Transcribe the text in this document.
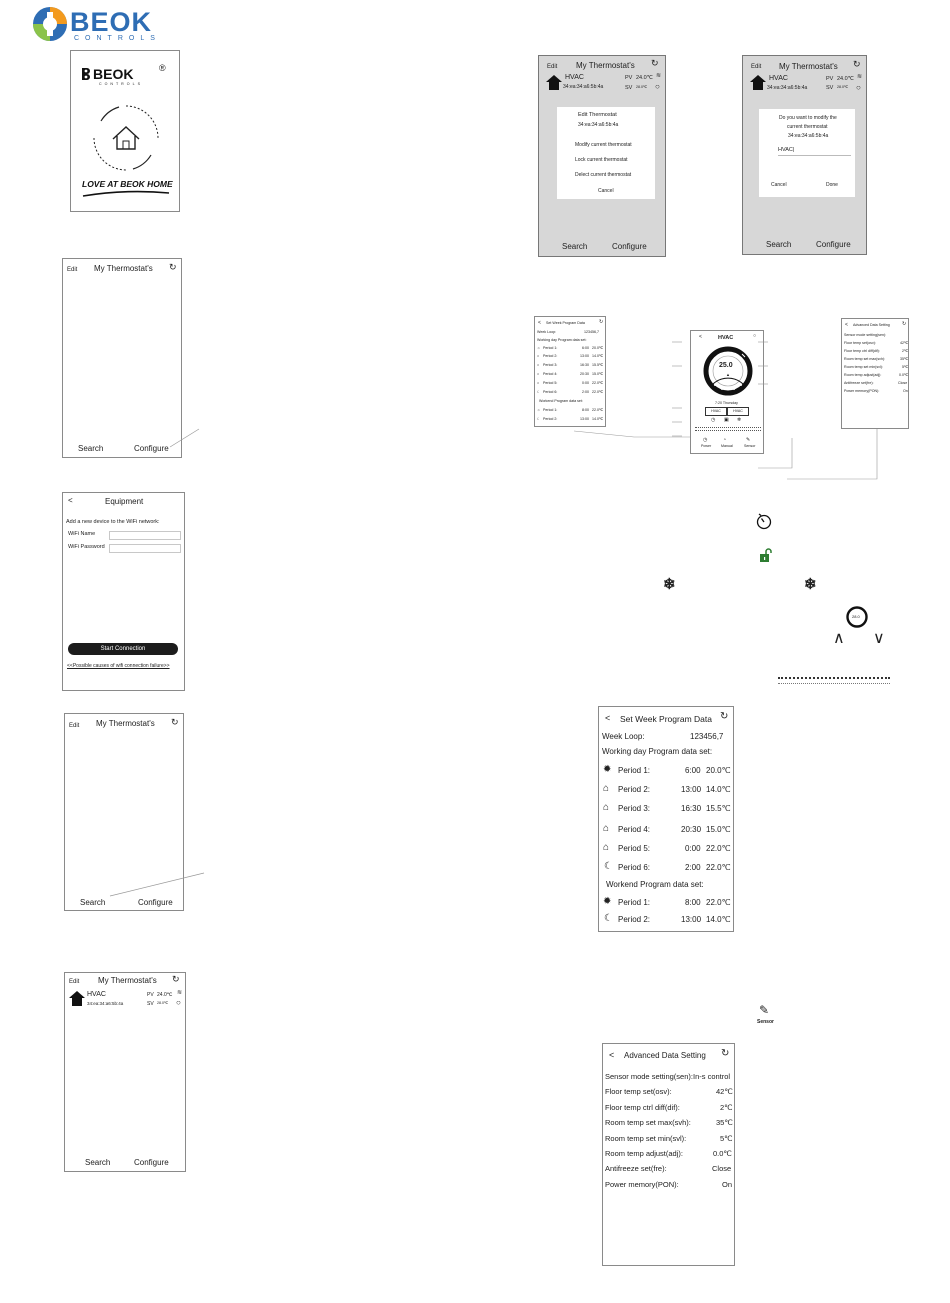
BEOK
CONTROLS
BEOK	®
CONTROLS
LOVE AT BEOK HOME
Edit My Thermostat's ↻
Search	Configure
<	Equipment
Add a new device to the WiFi network:
WiFi Name
WiFi Password
Start Connection
<<Possible causes of wifi connection failure>>
Edit My Thermostat's ↻
Search	Configure
Edit My Thermostat's ↻
HVAC
34:ea:34:a6:5b:4a
PV 24.0℃ ≋
SV 28.0℃ ○
Search	Configure
Edit My Thermostat's ↻
HVAC
34:ea:34:a6:5b:4a
PV 24.0℃ ≋
SV 28.0℃ ○
Edit Thermostat
34:ea:34:a6:5b:4a
Modify current thermostat
Lock current thermostat
Delect current thermostat
Cancel
Search	Configure
Edit My Thermostat's ↻
HVAC
34:ea:34:a6:5b:4a
PV 24.0℃ ≋
SV 28.0℃ ○
Do you want to modify the
current thermostat
34:ea:34:a6:5b:4a
HVAC|
Cancel	Done
Search	Configure
< Set Week Program Data	↻
Week Loop:	123456,7
Working day Program data set:
☼ Period 1:	6:00 20.0℃
⌂ Period 2:	13:00 14.0℃
⌂ Period 3:	16:30 15.5℃
⌂ Period 4:	20:30 15.0℃
⌂ Period 5:	0:00 22.0℃
☾ Period 6:	2:00 22.0℃
Workend Program data set:
☼ Period 1:	8:00 22.0℃
☾ Period 2:	13:00 14.0℃
<	HVAC	○
25.0
▲
7:20 Thursday
HVAC	HVAC
◷ ▣ ❄
Power	Manual	Sensor
◷	◔	✎
< Advanced Data Setting ↻
Sensor mode setting(sen):
Floor temp set(osv):	42℃
Floor temp ctrl diff(dif):	2℃
Room temp set max(svh):	35℃
Room temp set min(svl):	5℃
Room temp adjust(adj):	0.0℃
Antifreeze set(fre):	Close
Power memory(PON):	On
❄	❄
28.0
∧ ∨
< Set Week Program Data ↻
Week Loop:	123456,7
Working day Program data set:
✹ Period 1:	6:00 20.0℃
⌂ Period 2:	13:00 14.0℃
⌂ Period 3:	16:30 15.5℃
⌂ Period 4:	20:30 15.0℃
⌂ Period 5:	0:00 22.0℃
☾ Period 6:	2:00 22.0℃
Workend Program data set:
✹ Period 1:	8:00 22.0℃
☾ Period 2:	13:00 14.0℃
✎
Sensor
< Advanced Data Setting ↻
Sensor mode setting(sen): In-s control
Floor temp set(osv):	42℃
Floor temp ctrl diff(dif):	2℃
Room temp set max(svh):	35℃
Room temp set min(svl):	5℃
Room temp adjust(adj):	0.0℃
Antifreeze set(fre):	Close
Power memory(PON):	On
